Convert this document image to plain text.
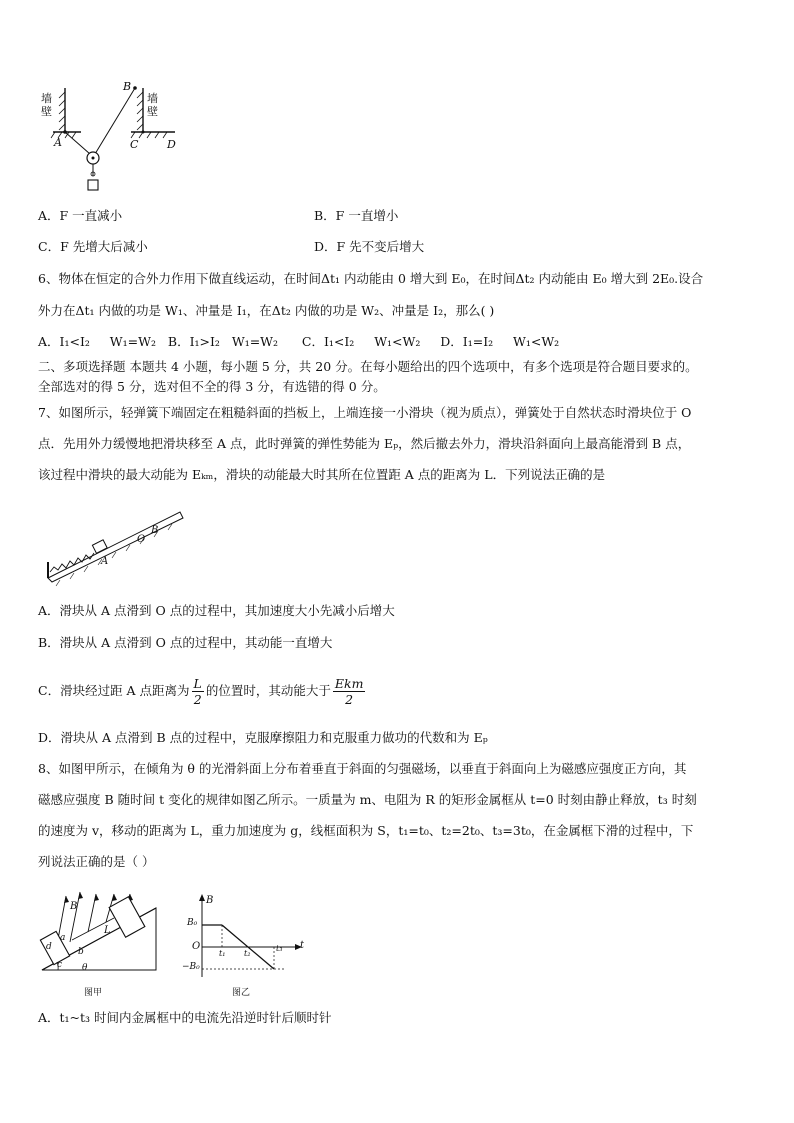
墙
壁
墙
壁
A
B
C	D
A．F 一直减小	B．F 一直增小
C．F 先增大后减小	D．F 先不变后增大
6、物体在恒定的合外力作用下做直线运动，在时间Δt₁ 内动能由 0 增大到 E₀，在时间Δt₂ 内动能由 E₀ 增大到 2E₀.设合
外力在Δt₁ 内做的功是 W₁、冲量是 I₁，在Δt₂ 内做的功是 W₂、冲量是 I₂，那么( )
A．I₁<I₂     W₁=W₂   B．I₁>I₂   W₁=W₂      C．I₁<I₂     W₁<W₂     D．I₁=I₂     W₁<W₂
二、多项选择题 本题共 4 小题，每小题 5 分，共 20 分。在每小题给出的四个选项中，有多个选项是符合题目要求的。
全部选对的得 5 分，选对但不全的得 3 分，有选错的得 0 分。
7、如图所示，轻弹簧下端固定在粗糙斜面的挡板上，上端连接一小滑块（视为质点），弹簧处于自然状态时滑块位于 O
点．先用外力缓慢地把滑块移至 A 点，此时弹簧的弹性势能为 Eₚ，然后撤去外力，滑块沿斜面向上最高能滑到 B 点，
该过程中滑块的最大动能为 Eₖₘ，滑块的动能最大时其所在位置距 A 点的距离为 L．下列说法正确的是
A
O
B
A．滑块从 A 点滑到 O 点的过程中，其加速度大小先减小后增大
B．滑块从 A 点滑到 O 点的过程中，其动能一直增大
C．滑块经过距 A 点距离为 $\frac{L}{2}$ 的位置时，其动能大于 $\frac{\text{Ekm}}{2}$
D．滑块从 A 点滑到 B 点的过程中，克服摩擦阻力和克服重力做功的代数和为 Eₚ
8、如图甲所示，在倾角为 θ 的光滑斜面上分布着垂直于斜面的匀强磁场，以垂直于斜面向上为磁感应强度正方向，其
磁感应强度 B 随时间 t 变化的规律如图乙所示。一质量为 m、电阻为 R 的矩形金属框从 t=0 时刻由静止释放，t₃ 时刻
的速度为 v，移动的距离为 L，重力加速度为 g，线框面积为 S，t₁=t₀、t₂=2t₀、t₃=3t₀，在金属框下滑的过程中，下
列说法正确的是（ ）
B
L
a
b
c
d
θ
图甲
B
t
O
B₀
−B₀
t₁ t₂
t₃
图乙
A．t₁~t₃ 时间内金属框中的电流先沿逆时针后顺时针
